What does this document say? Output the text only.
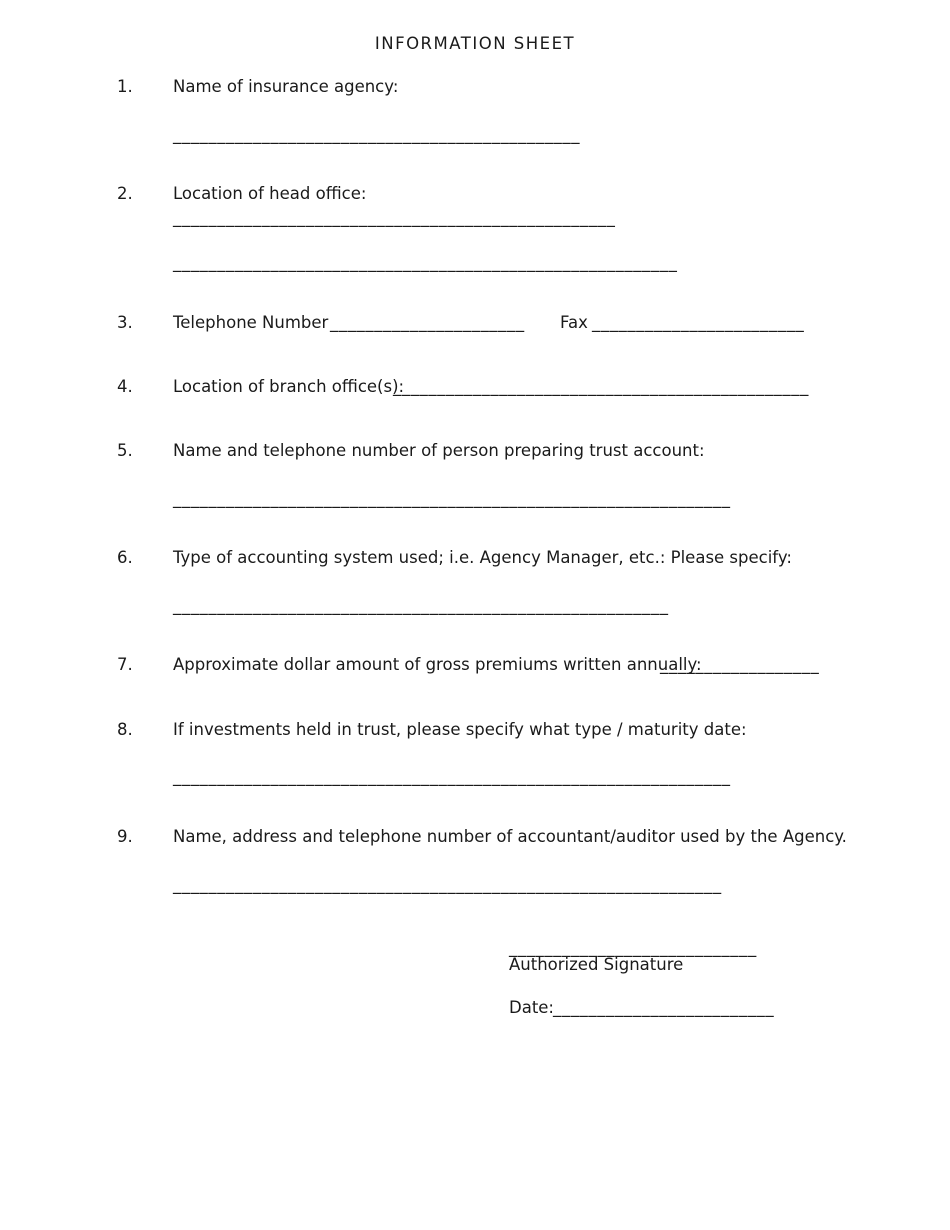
INFORMATION SHEET
1. Name of insurance agency:
______________________________________________
2. Location of head office:
__________________________________________________
_________________________________________________________
3. Telephone Number ______________________ Fax ________________________
4. Location of branch office(s):
_______________________________________________
5. Name and telephone number of person preparing trust account:
_______________________________________________________________
6. Type of accounting system used; i.e. Agency Manager, etc.: Please specify:
________________________________________________________
7. Approximate dollar amount of gross premiums written annually:
__________________
8. If investments held in trust, please specify what type / maturity date:
_______________________________________________________________
9. Name, address and telephone number of accountant/auditor used by the Agency.
______________________________________________________________
____________________________
Authorized Signature
Date: _________________________
